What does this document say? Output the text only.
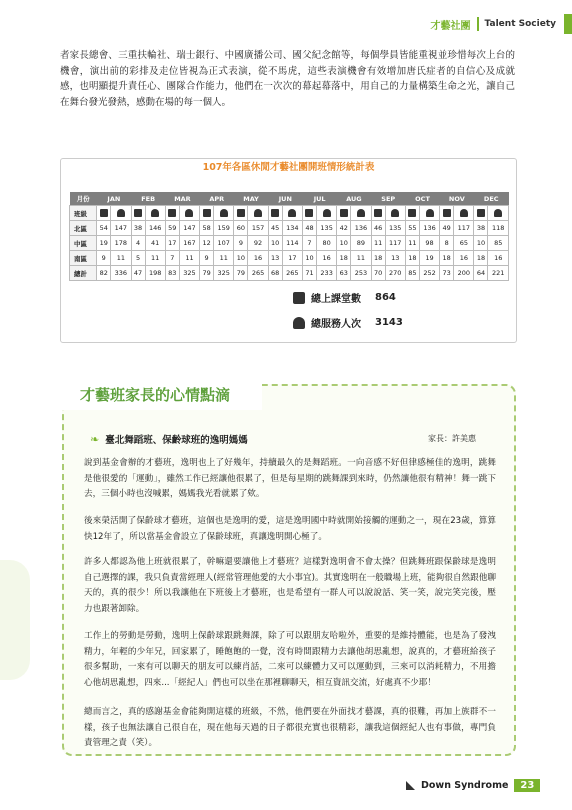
才藝社團 Talent Society
者家長總會、三重扶輪社、瑞士銀行、中國廣播公司、國父紀念館等，每個學員皆能重視並珍惜每次上台的機會，演出前的彩排及走位皆視為正式表演，從不馬虎，這些表演機會有效增加唐氏症者的自信心及成就感，也明顯提升責任心、團隊合作能力，他們在一次次的幕起幕落中，用自己的力量構築生命之光，讓自己在舞台發光發熱，感動在場的每一個人。
107年各區休閒才藝社團開班情形統計表
月份	JAN		FEB		MAR		APR		MAY		JUN		JUL		AUG		SEP		OCT		NOV		DEC	
班級																								
北區	54	147	38	146	59	147	58	159	60	157	45	134	48	135	42	136	46	135	55	136	49	117	38	118
中區	19	178	4	41	17	167	12	107	9	92	10	114	7	80	10	89	11	117	11	98	8	65	10	85
南區	9	11	5	11	7	11	9	11	10	16	13	17	10	16	18	11	18	13	18	19	18	16	18	16
總計	82	336	47	198	83	325	79	325	79	265	68	265	71	233	63	253	70	270	85	252	73	200	64	221
總上課堂數 864
總服務人次 3143
才藝班家長的心情點滴
❧ 臺北舞蹈班、保齡球班的逸明媽媽	家長：許美惠
說到基金會辦的才藝班，逸明也上了好幾年，持續最久的是舞蹈班。一向音感不好但律感極佳的逸明，跳舞是他很愛的「運動」，雖然工作已經讓他很累了，但是每星期的跳舞課到來時，仍然讓他很有精神！舞一跳下去，三個小時也沒喊累，媽媽我光看就累了欸。
後來榮活開了保齡球才藝班，這個也是逸明的愛，這是逸明國中時就開始接觸的運動之一，現在23歲，算算快12年了，所以當基金會設立了保齡球班，真讓逸明開心極了。
許多人都認為他上班就很累了，幹嘛還要讓他上才藝班？這樣對逸明會不會太操？但跳舞班跟保齡球是逸明自己選擇的課，我只負責當經理人(經常管理他愛的大小事宜)。其實逸明在一般職場上班，能夠很自然跟他聊天的，真的很少！所以我讓他在下班後上才藝班，也是希望有一群人可以說說話、笑一笑，說完笑完後，壓力也跟著卸除。
工作上的勞動是勞動，逸明上保齡球跟跳舞課，除了可以跟朋友哈啦外，重要的是維持體能，也是為了發洩精力，年輕的少年兄，回家累了，睡飽飽的一覺，沒有時間跟精力去讓他胡思亂想，說真的，才藝班給孩子很多幫助，一來有可以聊天的朋友可以練肖話，二來可以練體力又可以運動到，三來可以消耗精力，不用擔心他胡思亂想，四來...「經紀人」們也可以坐在那裡聊聊天，相互資訊交流，好處真不少耶！
總而言之，真的感謝基金會能夠開這樣的班級，不然，他們要在外面找才藝課，真的很難，再加上族群不一樣，孩子也無法讓自己很自在，現在他每天過的日子都很充實也很精彩，讓我這個經紀人也有事做，專門負責管理之責（笑）。
Down Syndrome	23
